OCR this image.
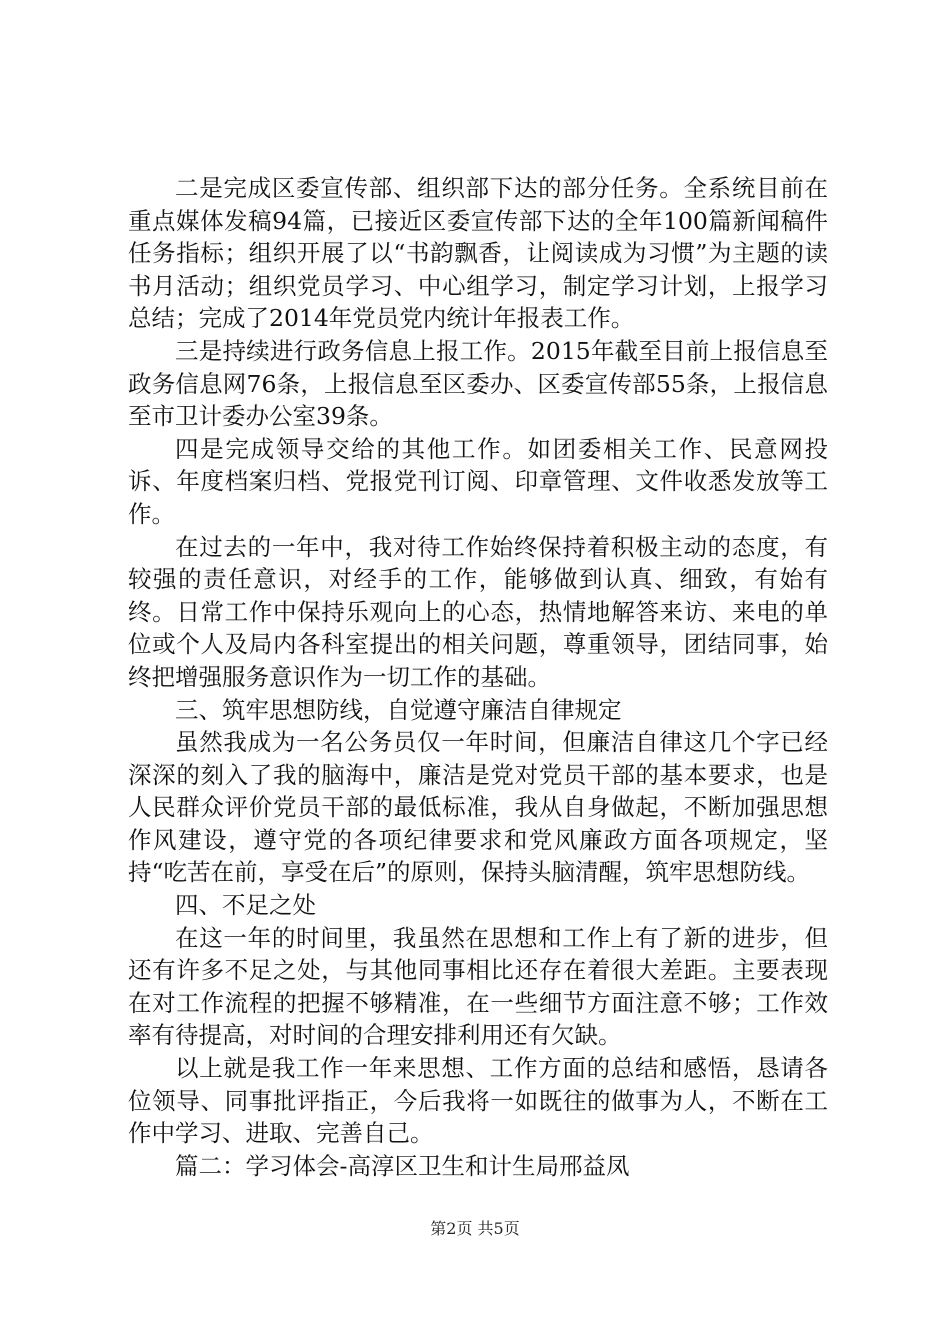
二是完成区委宣传部、组织部下达的部分任务。全系统目前在重点媒体发稿94篇，已接近区委宣传部下达的全年100篇新闻稿件任务指标；组织开展了以“书韵飘香，让阅读成为习惯”为主题的读书月活动；组织党员学习、中心组学习，制定学习计划，上报学习总结；完成了2014年党员党内统计年报表工作。

三是持续进行政务信息上报工作。2015年截至目前上报信息至政务信息网76条，上报信息至区委办、区委宣传部55条，上报信息至市卫计委办公室39条。

四是完成领导交给的其他工作。如团委相关工作、民意网投诉、年度档案归档、党报党刊订阅、印章管理、文件收悉发放等工作。

在过去的一年中，我对待工作始终保持着积极主动的态度，有较强的责任意识，对经手的工作，能够做到认真、细致，有始有终。日常工作中保持乐观向上的心态，热情地解答来访、来电的单位或个人及局内各科室提出的相关问题，尊重领导，团结同事，始终把增强服务意识作为一切工作的基础。

三、筑牢思想防线，自觉遵守廉洁自律规定

虽然我成为一名公务员仅一年时间，但廉洁自律这几个字已经深深的刻入了我的脑海中，廉洁是党对党员干部的基本要求，也是人民群众评价党员干部的最低标准，我从自身做起，不断加强思想作风建设，遵守党的各项纪律要求和党风廉政方面各项规定，坚持“吃苦在前，享受在后”的原则，保持头脑清醒，筑牢思想防线。

四、不足之处

在这一年的时间里，我虽然在思想和工作上有了新的进步，但还有许多不足之处，与其他同事相比还存在着很大差距。主要表现在对工作流程的把握不够精准，在一些细节方面注意不够；工作效率有待提高，对时间的合理安排利用还有欠缺。

以上就是我工作一年来思想、工作方面的总结和感悟，恳请各位领导、同事批评指正，今后我将一如既往的做事为人，不断在工作中学习、进取、完善自己。

篇二：学习体会-高淳区卫生和计生局邢益凤

第2页 共5页
